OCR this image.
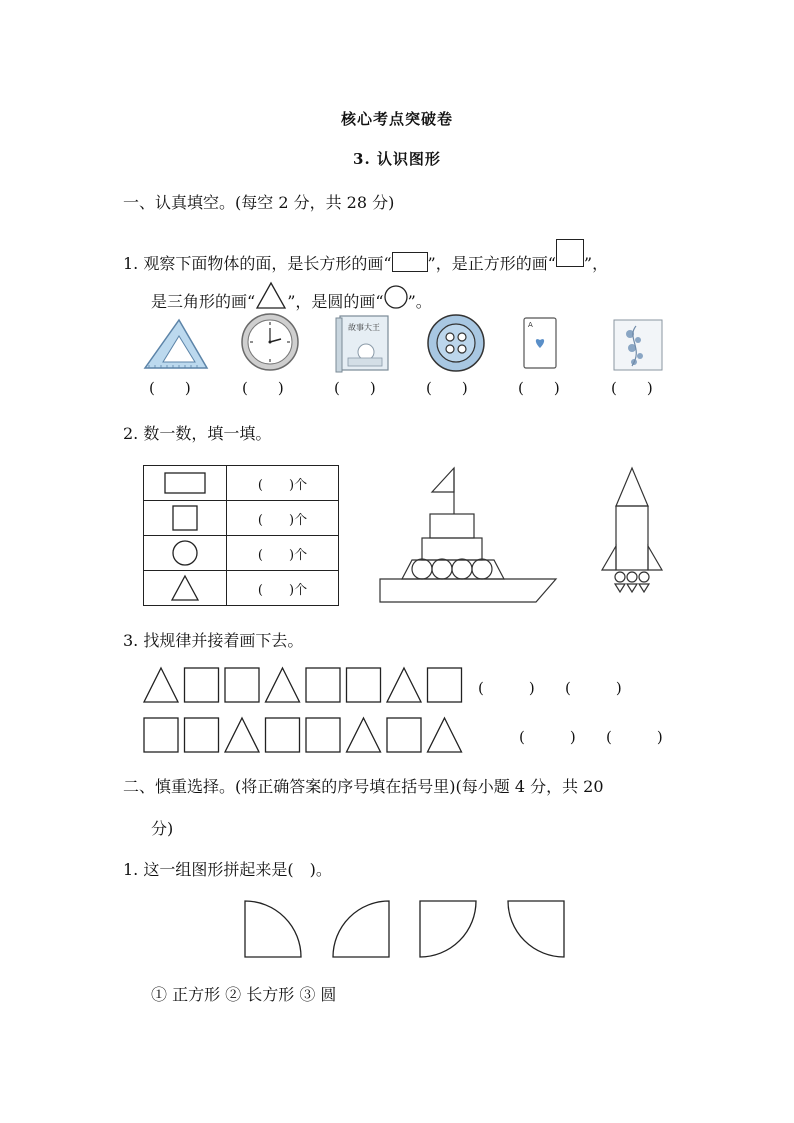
核心考点突破卷
3. 认识图形
一、认真填空。(每空 2 分，共 28 分)
1. 观察下面物体的面，是长方形的画“ ”，是正方形的画“ ”，
是三角形的画“ ”，是圆的画“ ”。
故事大王	A
(　　)	(　　)	(　　)	(　　)	(　　)	(　　)
2. 数一数，填一填。
	(　　)个
	(　　)个
	(　　)个
	(　　)个
3. 找规律并接着画下去。
(　　　) (　　　)
(　　　) (　　　)
二、慎重选择。(将正确答案的序号填在括号里)(每小题 4 分，共 20
分)
1. 这一组图形拼起来是(　)。
① 正方形 ② 长方形 ③ 圆
